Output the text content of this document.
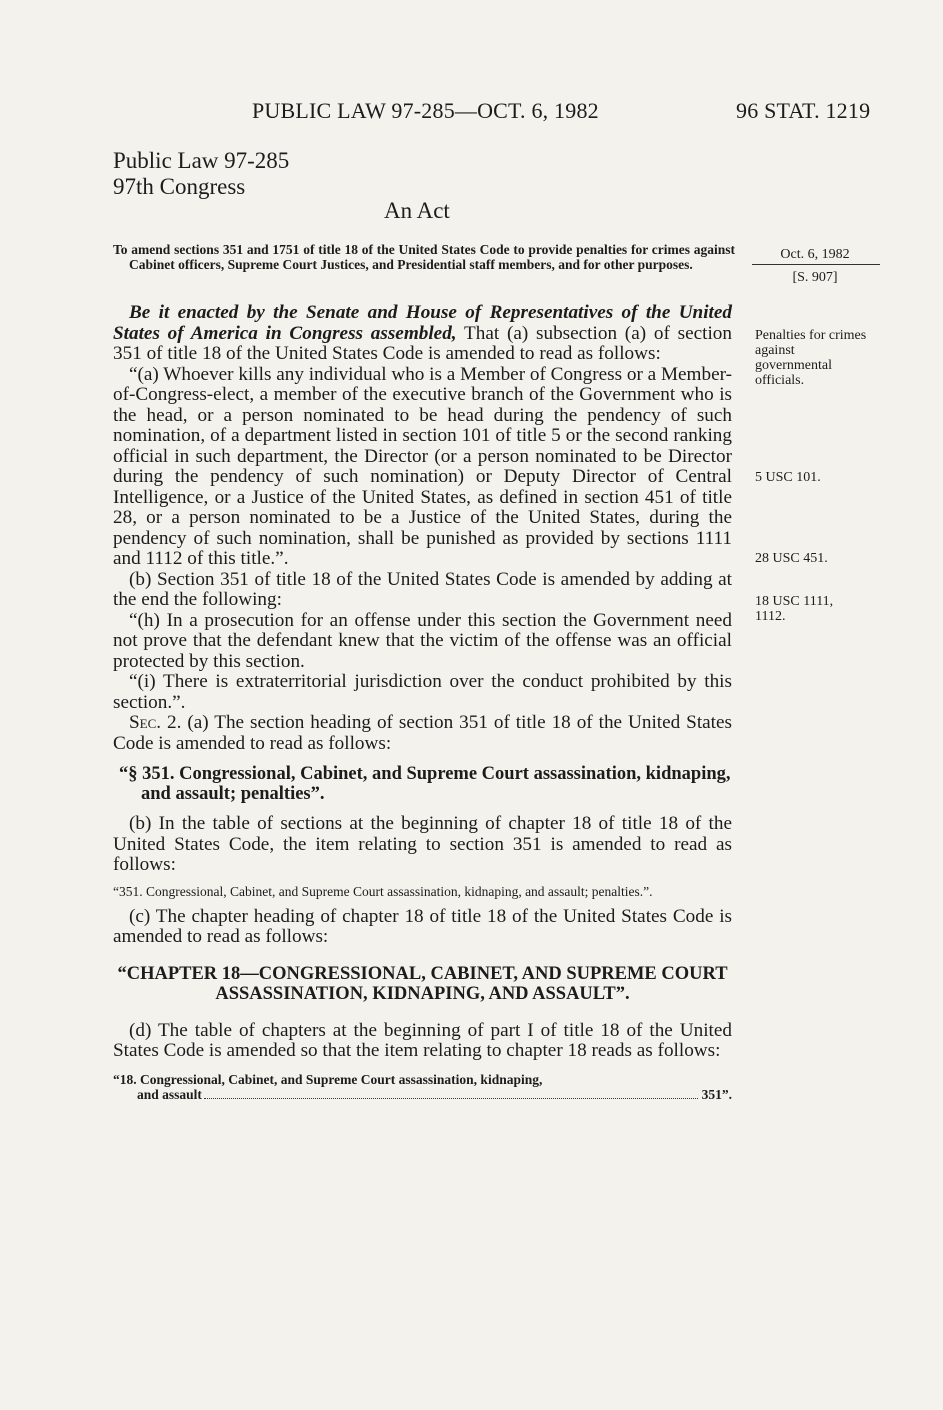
PUBLIC LAW 97-285—OCT. 6, 1982	96 STAT. 1219
Public Law 97-285
97th Congress
An Act
To amend sections 351 and 1751 of title 18 of the United States Code to provide penalties for crimes against Cabinet officers, Supreme Court Justices, and Presidential staff members, and for other purposes.
Oct. 6, 1982
[S. 907]
Penalties for crimes against governmental officials.
5 USC 101.
28 USC 451.
18 USC 1111, 1112.

Be it enacted by the Senate and House of Representatives of the United States of America in Congress assembled, That (a) subsection (a) of section 351 of title 18 of the United States Code is amended to read as follows:

“(a) Whoever kills any individual who is a Member of Congress or a Member-of-Congress-elect, a member of the executive branch of the Government who is the head, or a person nominated to be head during the pendency of such nomination, of a department listed in section 101 of title 5 or the second ranking official in such department, the Director (or a person nominated to be Director during the pendency of such nomination) or Deputy Director of Central Intelligence, or a Justice of the United States, as defined in section 451 of title 28, or a person nominated to be a Justice of the United States, during the pendency of such nomination, shall be punished as provided by sections 1111 and 1112 of this title.”.

(b) Section 351 of title 18 of the United States Code is amended by adding at the end the following:

“(h) In a prosecution for an offense under this section the Government need not prove that the defendant knew that the victim of the offense was an official protected by this section.

“(i) There is extraterritorial jurisdiction over the conduct prohibited by this section.”.

Sec. 2. (a) The section heading of section 351 of title 18 of the United States Code is amended to read as follows:

“§ 351. Congressional, Cabinet, and Supreme Court assassination, kidnaping, and assault; penalties”.

(b) In the table of sections at the beginning of chapter 18 of title 18 of the United States Code, the item relating to section 351 is amended to read as follows:

“351. Congressional, Cabinet, and Supreme Court assassination, kidnaping, and assault; penalties.”.

(c) The chapter heading of chapter 18 of title 18 of the United States Code is amended to read as follows:

“CHAPTER 18—CONGRESSIONAL, CABINET, AND SUPREME COURT ASSASSINATION, KIDNAPING, AND ASSAULT”.

(d) The table of chapters at the beginning of part I of title 18 of the United States Code is amended so that the item relating to chapter 18 reads as follows:

“18. Congressional, Cabinet, and Supreme Court assassination, kidnaping,
and assault	351”.
